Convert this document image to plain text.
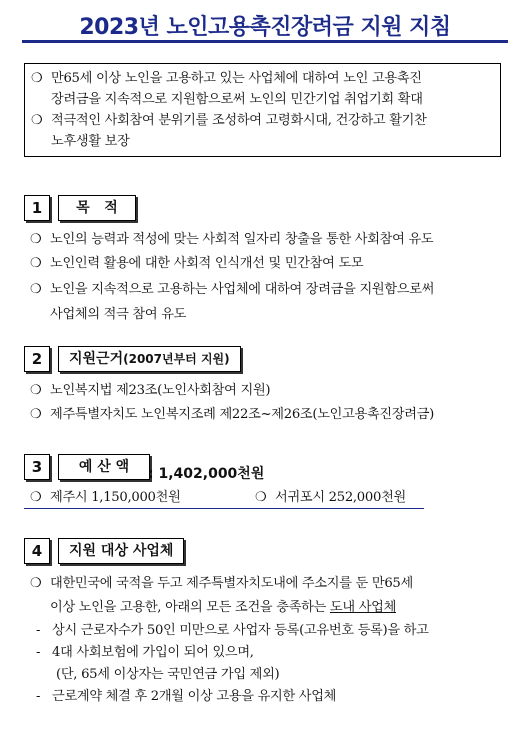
2023년 노인고용촉진장려금 지원 지침
❍ 만65세 이상 노인을 고용하고 있는 사업체에 대하여 노인 고용촉진
장려금을 지속적으로 지원함으로써 노인의 민간기업 취업기회 확대
❍ 적극적인 사회참여 분위기를 조성하여 고령화시대, 건강하고 활기찬
노후생활 보장
1	목   적
❍ 노인의 능력과 적성에 맞는 사회적 일자리 창출을 통한 사회참여 유도
❍ 노인인력 활용에 대한 사회적 인식개선 및 민간참여 도모
❍ 노인을 지속적으로 고용하는 사업체에 대하여 장려금을 지원함으로써
사업체의 적극 참여 유도
2	지원근거(2007년부터 지원)
❍ 노인복지법 제23조(노인사회참여 지원)
❍ 제주특별자치도 노인복지조례 제22조~제26조(노인고용촉진장려금)
3	예 산 액	: 1,402,000천원
❍ 제주시 1,150,000천원	❍ 서귀포시 252,000천원
4	지원 대상 사업체
❍ 대한민국에 국적을 두고 제주특별자치도내에 주소지를 둔 만65세
이상 노인을 고용한, 아래의 모든 조건을 충족하는 도내 사업체
- 상시 근로자수가 50인 미만으로 사업자 등록(고유번호 등록)을 하고
- 4대 사회보험에 가입이 되어 있으며,
(단, 65세 이상자는 국민연금 가입 제외)
- 근로계약 체결 후 2개월 이상 고용을 유지한 사업체
